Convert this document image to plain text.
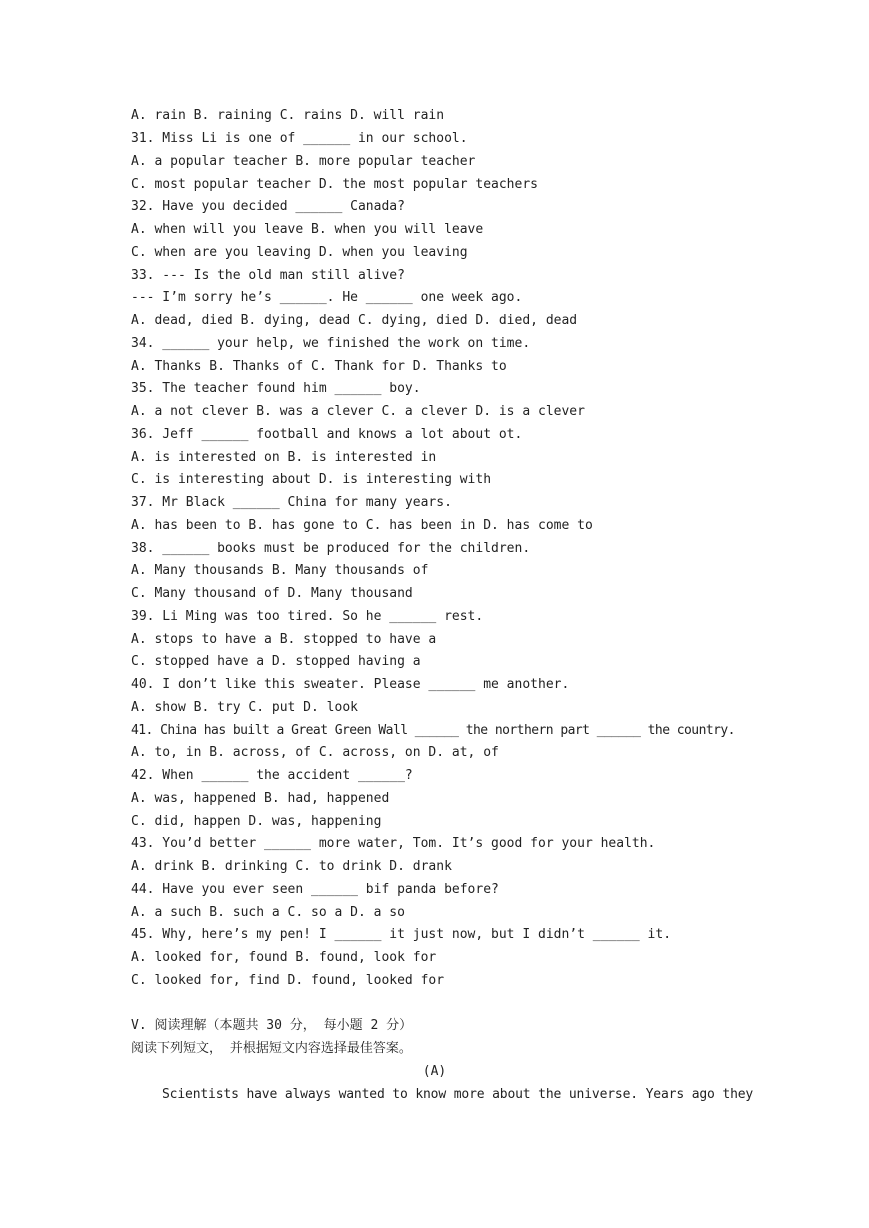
A. rain B. raining C. rains D. will rain
31. Miss Li is one of ______ in our school.
A. a popular teacher B. more popular teacher
C. most popular teacher D. the most popular teachers
32. Have you decided ______ Canada?
A. when will you leave B. when you will leave
C. when are you leaving D. when you leaving
33. --- Is the old man still alive?
--- I’m sorry he’s ______. He ______ one week ago.
A. dead, died B. dying, dead C. dying, died D. died, dead
34. ______ your help, we finished the work on time.
A. Thanks B. Thanks of C. Thank for D. Thanks to
35. The teacher found him ______ boy.
A. a not clever B. was a clever C. a clever D. is a clever
36. Jeff ______ football and knows a lot about ot.
A. is interested on B. is interested in
C. is interesting about D. is interesting with
37. Mr Black ______ China for many years.
A. has been to B. has gone to C. has been in D. has come to
38. ______ books must be produced for the children.
A. Many thousands B. Many thousands of
C. Many thousand of D. Many thousand
39. Li Ming was too tired. So he ______ rest.
A. stops to have a B. stopped to have a
C. stopped have a D. stopped having a
40. I don’t like this sweater. Please ______ me another.
A. show B. try C. put D. look
41. China has built a Great Green Wall ______ the northern part ______ the country.
A. to, in B. across, of C. across, on D. at, of
42. When ______ the accident ______?
A. was, happened B. had, happened
C. did, happen D. was, happening
43. You’d better ______ more water, Tom. It’s good for your health.
A. drink B. drinking C. to drink D. drank
44. Have you ever seen ______ bif panda before?
A. a such B. such a C. so a D. a so
45. Why, here’s my pen! I ______ it just now, but I didn’t ______ it.
A. looked for, found B. found, look for
C. looked for, find D. found, looked for
V. 阅读理解（本题共 30 分， 每小题 2 分）
阅读下列短文， 并根据短文内容选择最佳答案。
(A)
Scientists have always wanted to know more about the universe. Years ago they
